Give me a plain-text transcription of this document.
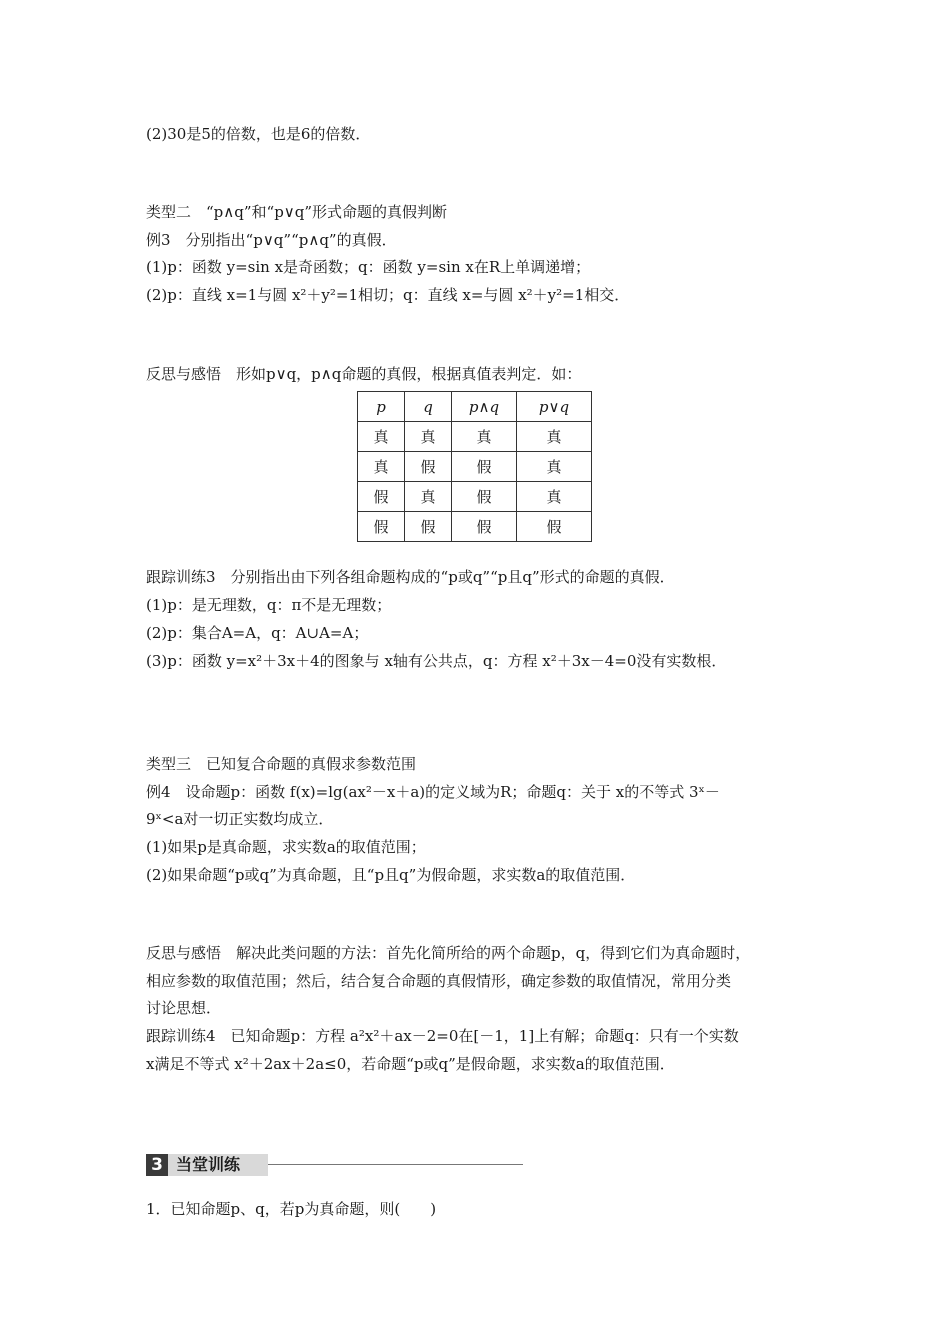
(2)30是5的倍数，也是6的倍数．
类型二　“p∧q”和“p∨q”形式命题的真假判断
例3　分别指出“p∨q”“p∧q”的真假．
(1)p：函数 y=sin x是奇函数；q：函数 y=sin x在R上单调递增；
(2)p：直线 x=1与圆 x²＋y²=1相切；q：直线 x=与圆 x²＋y²=1相交．
反思与感悟　形如p∨q，p∧q命题的真假，根据真值表判定．如：
p	q	p∧q	p∨q
真	真	真	真
真	假	假	真
假	真	假	真
假	假	假	假
跟踪训练3　分别指出由下列各组命题构成的“p或q”“p且q”形式的命题的真假．
(1)p：是无理数，q：π不是无理数；
(2)p：集合A=A，q：A∪A=A；
(3)p：函数 y=x²＋3x＋4的图象与 x轴有公共点，q：方程 x²＋3x－4=0没有实数根．
类型三　已知复合命题的真假求参数范围
例4　设命题p：函数 f(x)=lg(ax²－x＋a)的定义域为R；命题q：关于 x的不等式 3ˣ－
9ˣ<a对一切正实数均成立．
(1)如果p是真命题，求实数a的取值范围；
(2)如果命题“p或q”为真命题，且“p且q”为假命题，求实数a的取值范围．
反思与感悟　解决此类问题的方法：首先化简所给的两个命题p，q，得到它们为真命题时，
相应参数的取值范围；然后，结合复合命题的真假情形，确定参数的取值情况，常用分类
讨论思想．
跟踪训练4　已知命题p：方程 a²x²＋ax－2=0在[－1，1]上有解；命题q：只有一个实数
x满足不等式 x²＋2ax＋2a≤0，若命题“p或q”是假命题，求实数a的取值范围．
3 当堂训练
1．已知命题p、q，若p为真命题，则(　　)
